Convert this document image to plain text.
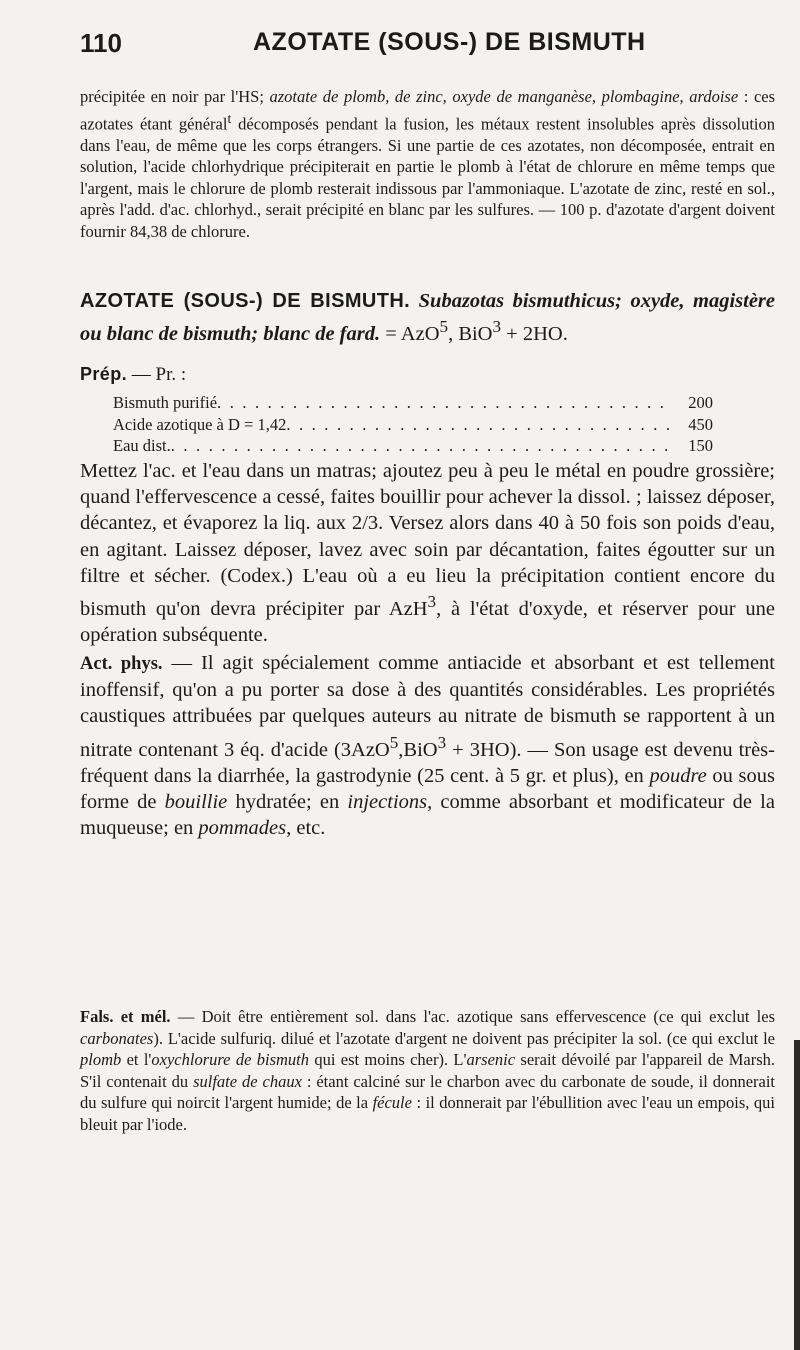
110	AZOTATE (SOUS-) DE BISMUTH

précipitée en noir par l'HS; azotate de plomb, de zinc, oxyde de manganèse, plombagine, ardoise : ces azotates étant général$^t$ décomposés pendant la fusion, les métaux restent insolubles après dissolution dans l'eau, de même que les corps étrangers. Si une partie de ces azotates, non décomposée, entrait en solution, l'acide chlorhydrique précipiterait en partie le plomb à l'état de chlorure en même temps que l'argent, mais le chlorure de plomb resterait indissous par l'ammoniaque. L'azotate de zinc, resté en sol., après l'add. d'ac. chlorhyd., serait précipité en blanc par les sulfures. — 100 p. d'azotate d'argent doivent fournir 84,38 de chlorure.

AZOTATE (SOUS-) DE BISMUTH. Subazotas bismuthicus; oxyde, magistère ou blanc de bismuth; blanc de fard. = AzO$^5$, BiO$^3$ + 2HO.

Prép. — Pr. :
Bismuth purifié . . .	200
Acide azotique à D = 1,42 . . .	450
Eau dist. . . .	150

Mettez l'ac. et l'eau dans un matras; ajoutez peu à peu le métal en poudre grossière; quand l'effervescence a cessé, faites bouillir pour achever la dissol. ; laissez déposer, décantez, et évaporez la liq. aux 2/3. Versez alors dans 40 à 50 fois son poids d'eau, en agitant. Laissez déposer, lavez avec soin par décantation, faites égoutter sur un filtre et sécher. (Codex.) L'eau où a eu lieu la précipitation contient encore du bismuth qu'on devra précipiter par AzH$^3$, à l'état d'oxyde, et réserver pour une opération subséquente.

Act. phys. — Il agit spécialement comme antiacide et absorbant et est tellement inoffensif, qu'on a pu porter sa dose à des quantités considérables. Les propriétés caustiques attribuées par quelques auteurs au nitrate de bismuth se rapportent à un nitrate contenant 3 éq. d'acide (3AzO$^5$,BiO$^3$ + 3HO). — Son usage est devenu très-fréquent dans la diarrhée, la gastrodynie (25 cent. à 5 gr. et plus), en poudre ou sous forme de bouillie hydratée; en injections, comme absorbant et modificateur de la muqueuse; en pommades, etc.

Fals. et mél. — Doit être entièrement sol. dans l'ac. azotique sans effervescence (ce qui exclut les carbonates). L'acide sulfuriq. dilué et l'azotate d'argent ne doivent pas précipiter la sol. (ce qui exclut le plomb et l'oxychlorure de bismuth qui est moins cher). L'arsenic serait dévoilé par l'appareil de Marsh. S'il contenait du sulfate de chaux : étant calciné sur le charbon avec du carbonate de soude, il donnerait du sulfure qui noircit l'argent humide; de la fécule : il donnerait par l'ébullition avec l'eau un empois, qui bleuit par l'iode.
